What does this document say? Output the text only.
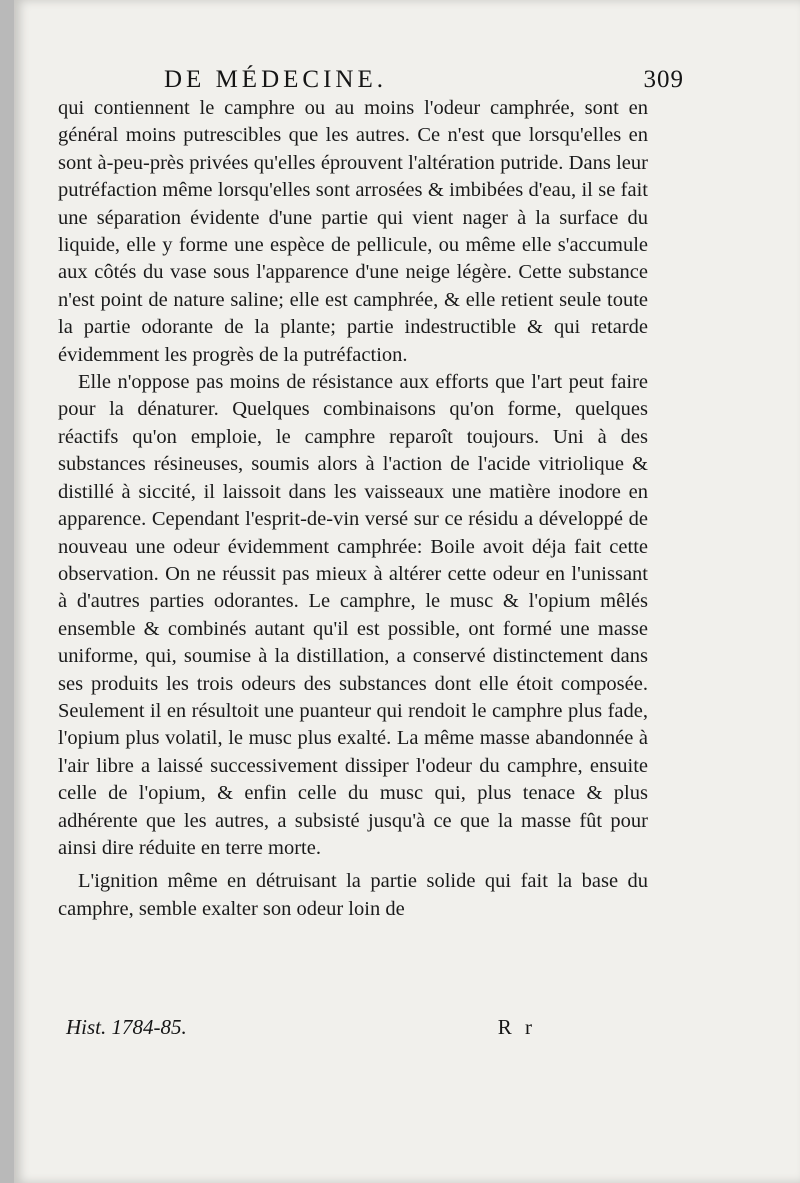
DE MÉDECINE.	309

qui contiennent le camphre ou au moins l'odeur camphrée, sont en général moins putrescibles que les autres. Ce n'est que lorsqu'elles en sont à-peu-près privées qu'elles éprouvent l'altération putride. Dans leur putréfaction même lorsqu'elles sont arrosées & imbibées d'eau, il se fait une séparation évidente d'une partie qui vient nager à la surface du liquide, elle y forme une espèce de pellicule, ou même elle s'accumule aux côtés du vase sous l'apparence d'une neige légère. Cette substance n'est point de nature saline; elle est camphrée, & elle retient seule toute la partie odorante de la plante; partie indestructible & qui retarde évidemment les progrès de la putréfaction.

Elle n'oppose pas moins de résistance aux efforts que l'art peut faire pour la dénaturer. Quelques combinaisons qu'on forme, quelques réactifs qu'on emploie, le camphre reparoît toujours. Uni à des substances résineuses, soumis alors à l'action de l'acide vitriolique & distillé à siccité, il laissoit dans les vaisseaux une matière inodore en apparence. Cependant l'esprit-de-vin versé sur ce résidu a développé de nouveau une odeur évidemment camphrée: Boile avoit déja fait cette observation. On ne réussit pas mieux à altérer cette odeur en l'unissant à d'autres parties odorantes. Le camphre, le musc & l'opium mêlés ensemble & combinés autant qu'il est possible, ont formé une masse uniforme, qui, soumise à la distillation, a conservé distinctement dans ses produits les trois odeurs des substances dont elle étoit composée. Seulement il en résultoit une puanteur qui rendoit le camphre plus fade, l'opium plus volatil, le musc plus exalté. La même masse abandonnée à l'air libre a laissé successivement dissiper l'odeur du camphre, ensuite celle de l'opium, & enfin celle du musc qui, plus tenace & plus adhérente que les autres, a subsisté jusqu'à ce que la masse fût pour ainsi dire réduite en terre morte.

L'ignition même en détruisant la partie solide qui fait la base du camphre, semble exalter son odeur loin de

Hist. 1784-85.	R r
